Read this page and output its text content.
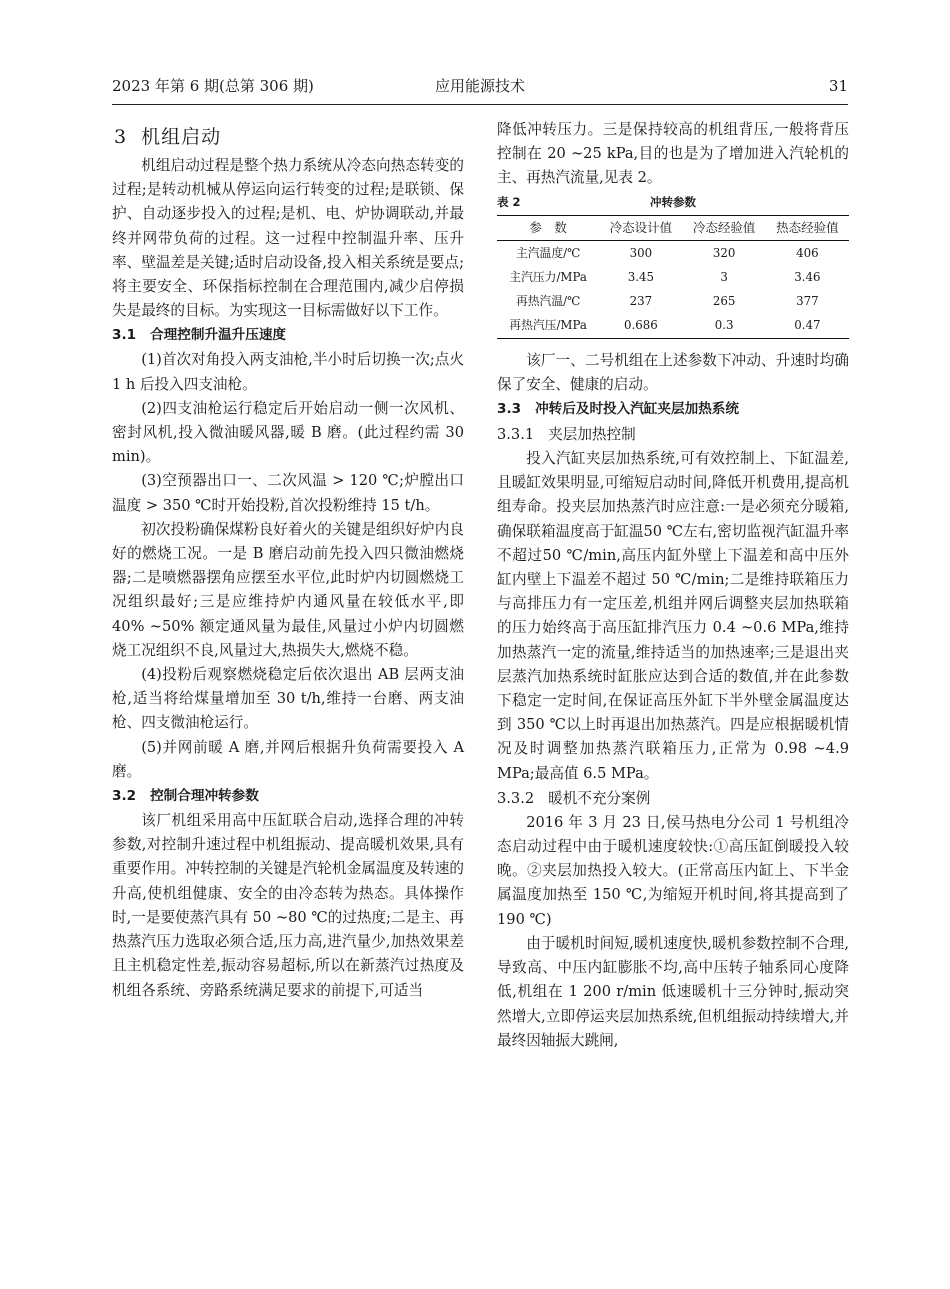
2023 年第 6 期(总第 306 期)	应用能源技术	31
3 机组启动

机组启动过程是整个热力系统从冷态向热态转变的过程;是转动机械从停运向运行转变的过程;是联锁、保护、自动逐步投入的过程;是机、电、炉协调联动,并最终并网带负荷的过程。这一过程中控制温升率、压升率、壁温差是关键;适时启动设备,投入相关系统是要点;将主要安全、环保指标控制在合理范围内,减少启停损失是最终的目标。为实现这一目标需做好以下工作。

3.1 合理控制升温升压速度

(1)首次对角投入两支油枪,半小时后切换一次;点火 1 h 后投入四支油枪。

(2)四支油枪运行稳定后开始启动一侧一次风机、密封风机,投入微油暖风器,暖 B 磨。(此过程约需 30 min)。

(3)空预器出口一、二次风温 > 120 ℃;炉膛出口温度 > 350 ℃时开始投粉,首次投粉维持 15 t/h。

初次投粉确保煤粉良好着火的关键是组织好炉内良好的燃烧工况。一是 B 磨启动前先投入四只微油燃烧器;二是喷燃器摆角应摆至水平位,此时炉内切圆燃烧工况组织最好;三是应维持炉内通风量在较低水平,即 40% ~50% 额定通风量为最佳,风量过小炉内切圆燃烧工况组织不良,风量过大,热损失大,燃烧不稳。

(4)投粉后观察燃烧稳定后依次退出 AB 层两支油枪,适当将给煤量增加至 30 t/h,维持一台磨、两支油枪、四支微油枪运行。

(5)并网前暖 A 磨,并网后根据升负荷需要投入 A 磨。

3.2 控制合理冲转参数

该厂机组采用高中压缸联合启动,选择合理的冲转参数,对控制升速过程中机组振动、提高暖机效果,具有重要作用。冲转控制的关键是汽轮机金属温度及转速的升高,使机组健康、安全的由冷态转为热态。具体操作时,一是要使蒸汽具有 50 ~80 ℃的过热度;二是主、再热蒸汽压力选取必须合适,压力高,进汽量少,加热效果差且主机稳定性差,振动容易超标,所以在新蒸汽过热度及机组各系统、旁路系统满足要求的前提下,可适当

降低冲转压力。三是保持较高的机组背压,一般将背压控制在 20 ~25 kPa,目的也是为了增加进入汽轮机的主、再热汽流量,见表 2。

表 2	冲转参数
参　数	冷态设计值	冷态经验值	热态经验值
主汽温度/℃	300	320	406
主汽压力/MPa	3.45	3	3.46
再热汽温/℃	237	265	377
再热汽压/MPa	0.686	0.3	0.47

该厂一、二号机组在上述参数下冲动、升速时均确保了安全、健康的启动。

3.3 冲转后及时投入汽缸夹层加热系统
3.3.1 夹层加热控制

投入汽缸夹层加热系统,可有效控制上、下缸温差,且暖缸效果明显,可缩短启动时间,降低开机费用,提高机组寿命。投夹层加热蒸汽时应注意:一是必须充分暖箱,确保联箱温度高于缸温50 ℃左右,密切监视汽缸温升率不超过50 ℃/min,高压内缸外壁上下温差和高中压外缸内壁上下温差不超过 50 ℃/min;二是维持联箱压力与高排压力有一定压差,机组并网后调整夹层加热联箱的压力始终高于高压缸排汽压力 0.4 ~0.6 MPa,维持加热蒸汽一定的流量,维持适当的加热速率;三是退出夹层蒸汽加热系统时缸胀应达到合适的数值,并在此参数下稳定一定时间,在保证高压外缸下半外壁金属温度达到 350 ℃以上时再退出加热蒸汽。四是应根据暖机情况及时调整加热蒸汽联箱压力,正常为 0.98 ~4.9 MPa;最高值 6.5 MPa。

3.3.2 暖机不充分案例

2016 年 3 月 23 日,侯马热电分公司 1 号机组冷态启动过程中由于暖机速度较快:①高压缸倒暖投入较晚。②夹层加热投入较大。(正常高压内缸上、下半金属温度加热至 150 ℃,为缩短开机时间,将其提高到了 190 ℃)

由于暖机时间短,暖机速度快,暖机参数控制不合理,导致高、中压内缸膨胀不均,高中压转子轴系同心度降低,机组在 1 200 r/min 低速暖机十三分钟时,振动突然增大,立即停运夹层加热系统,但机组振动持续增大,并最终因轴振大跳闸,
